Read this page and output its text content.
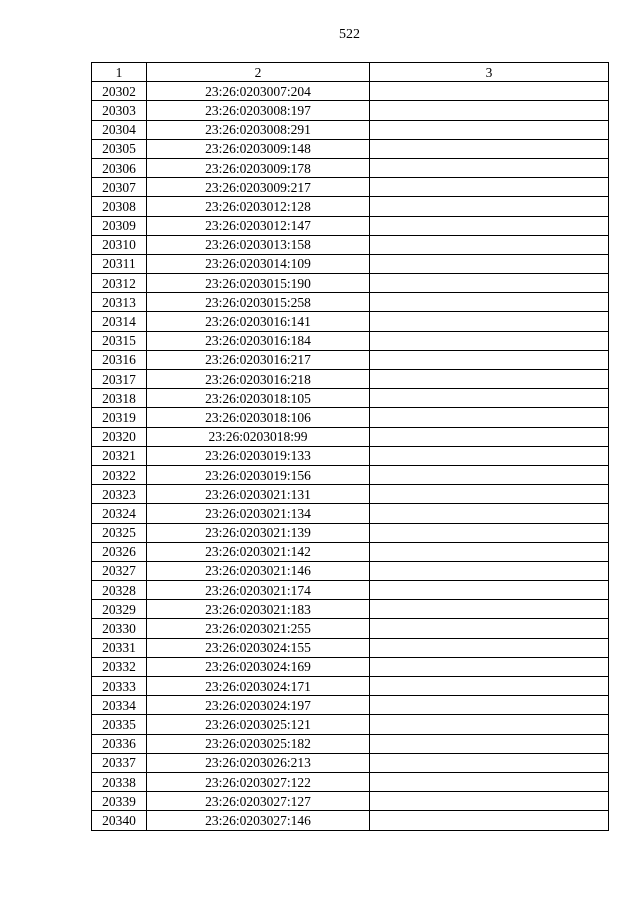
522
1	2	3
20302	23:26:0203007:204	
20303	23:26:0203008:197	
20304	23:26:0203008:291	
20305	23:26:0203009:148	
20306	23:26:0203009:178	
20307	23:26:0203009:217	
20308	23:26:0203012:128	
20309	23:26:0203012:147	
20310	23:26:0203013:158	
20311	23:26:0203014:109	
20312	23:26:0203015:190	
20313	23:26:0203015:258	
20314	23:26:0203016:141	
20315	23:26:0203016:184	
20316	23:26:0203016:217	
20317	23:26:0203016:218	
20318	23:26:0203018:105	
20319	23:26:0203018:106	
20320	23:26:0203018:99	
20321	23:26:0203019:133	
20322	23:26:0203019:156	
20323	23:26:0203021:131	
20324	23:26:0203021:134	
20325	23:26:0203021:139	
20326	23:26:0203021:142	
20327	23:26:0203021:146	
20328	23:26:0203021:174	
20329	23:26:0203021:183	
20330	23:26:0203021:255	
20331	23:26:0203024:155	
20332	23:26:0203024:169	
20333	23:26:0203024:171	
20334	23:26:0203024:197	
20335	23:26:0203025:121	
20336	23:26:0203025:182	
20337	23:26:0203026:213	
20338	23:26:0203027:122	
20339	23:26:0203027:127	
20340	23:26:0203027:146	
